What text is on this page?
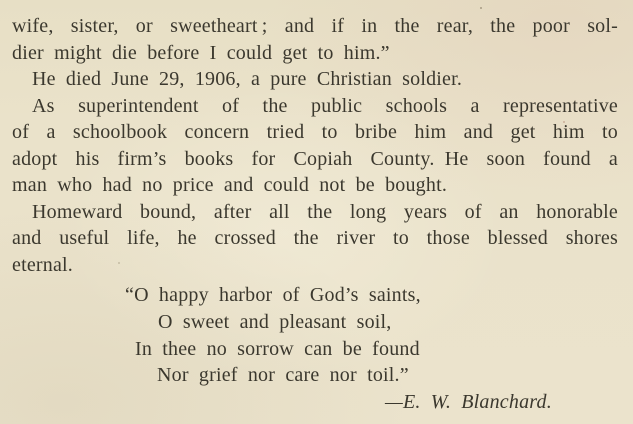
wife, sister, or sweetheart ; and if in the rear, the poor sol-
dier might die before I could get to him.”
He died June 29, 1906, a pure Christian soldier.
As superintendent of the public schools a representative
of a schoolbook concern tried to bribe him and get him to
adopt his firm’s books for Copiah County. He soon found a
man who had no price and could not be bought.
Homeward bound, after all the long years of an honorable
and useful life, he crossed the river to those blessed shores
eternal.
“O happy harbor of God’s saints,
O sweet and pleasant soil,
In thee no sorrow can be found
Nor grief nor care nor toil.”
—E. W. Blanchard.
